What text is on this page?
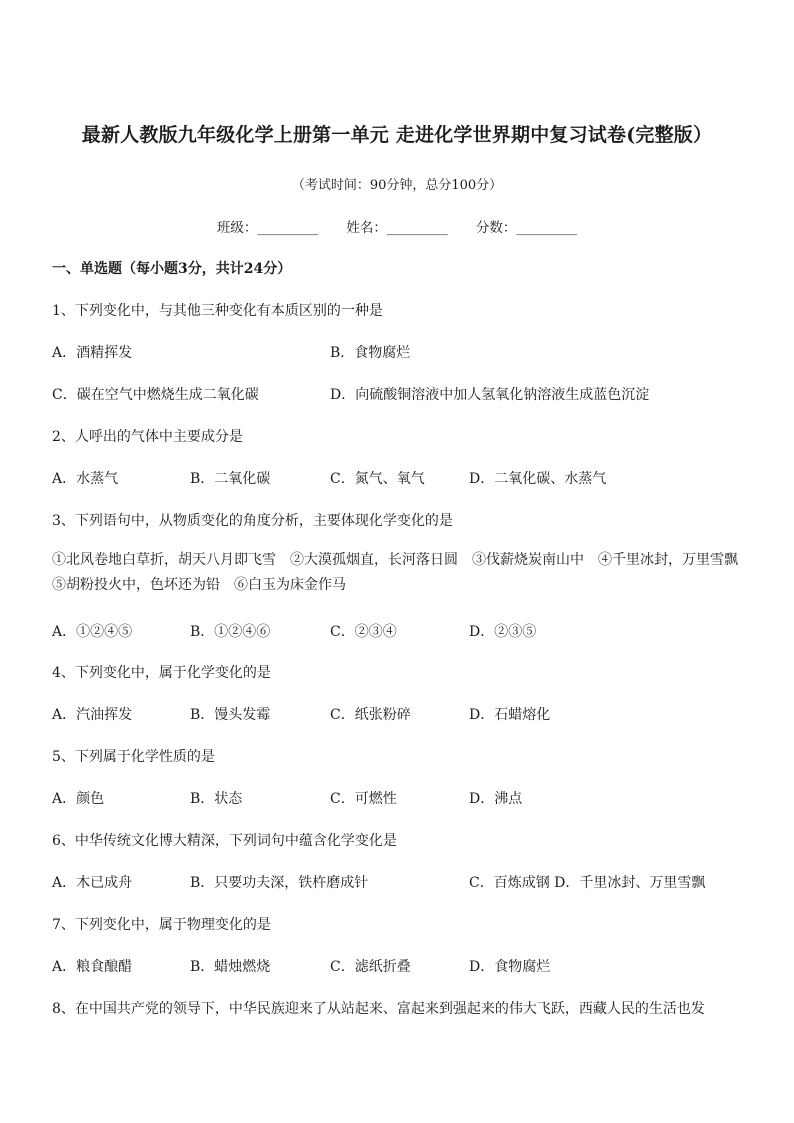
最新人教版九年级化学上册第一单元 走进化学世界期中复习试卷(完整版）
（考试时间：90分钟，总分100分）
班级：_________ 姓名：_________ 分数：_________
一、单选题（每小题3分，共计24分）
1、下列变化中，与其他三种变化有本质区别的一种是
A．酒精挥发	B．食物腐烂
C．碳在空气中燃烧生成二氧化碳	D．向硫酸铜溶液中加人氢氧化钠溶液生成蓝色沉淀
2、人呼出的气体中主要成分是
A．水蒸气	B．二氧化碳	C．氮气、氧气	D．二氧化碳、水蒸气
3、下列语句中，从物质变化的角度分析，主要体现化学变化的是
①北风卷地白草折，胡天八月即飞雪　②大漠孤烟直，长河落日圆　③伐薪烧炭南山中　④千里冰封，万里雪飘　⑤胡粉投火中，色坏还为铅　⑥白玉为床金作马
A．①②④⑤	B．①②④⑥	C．②③④	D．②③⑤
4、下列变化中，属于化学变化的是
A．汽油挥发	B．馒头发霉	C．纸张粉碎	D．石蜡熔化
5、下列属于化学性质的是
A．颜色	B．状态	C．可燃性	D．沸点
6、中华传统文化博大精深，下列词句中蕴含化学变化是
A．木已成舟	B．只要功夫深，铁杵磨成针	C．百炼成钢 D．千里冰封、万里雪飘
7、下列变化中，属于物理变化的是
A．粮食酿醋	B．蜡烛燃烧	C．滤纸折叠	D．食物腐烂
8、在中国共产党的领导下，中华民族迎来了从站起来、富起来到强起来的伟大飞跃，西藏人民的生活也发
